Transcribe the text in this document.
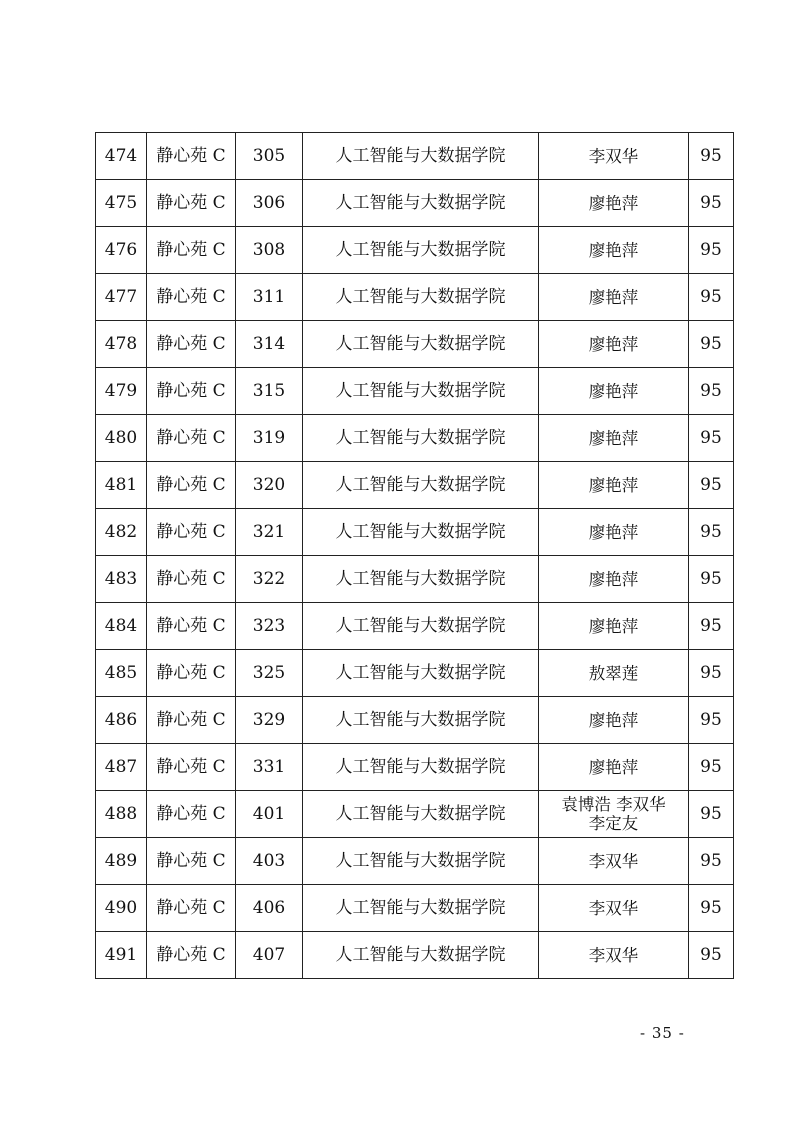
474	静心苑 C	305	人工智能与大数据学院	李双华	95
475	静心苑 C	306	人工智能与大数据学院	廖艳萍	95
476	静心苑 C	308	人工智能与大数据学院	廖艳萍	95
477	静心苑 C	311	人工智能与大数据学院	廖艳萍	95
478	静心苑 C	314	人工智能与大数据学院	廖艳萍	95
479	静心苑 C	315	人工智能与大数据学院	廖艳萍	95
480	静心苑 C	319	人工智能与大数据学院	廖艳萍	95
481	静心苑 C	320	人工智能与大数据学院	廖艳萍	95
482	静心苑 C	321	人工智能与大数据学院	廖艳萍	95
483	静心苑 C	322	人工智能与大数据学院	廖艳萍	95
484	静心苑 C	323	人工智能与大数据学院	廖艳萍	95
485	静心苑 C	325	人工智能与大数据学院	敖翠莲	95
486	静心苑 C	329	人工智能与大数据学院	廖艳萍	95
487	静心苑 C	331	人工智能与大数据学院	廖艳萍	95
488	静心苑 C	401	人工智能与大数据学院	袁博浩 李双华
李定友	95
489	静心苑 C	403	人工智能与大数据学院	李双华	95
490	静心苑 C	406	人工智能与大数据学院	李双华	95
491	静心苑 C	407	人工智能与大数据学院	李双华	95
- 35 -
